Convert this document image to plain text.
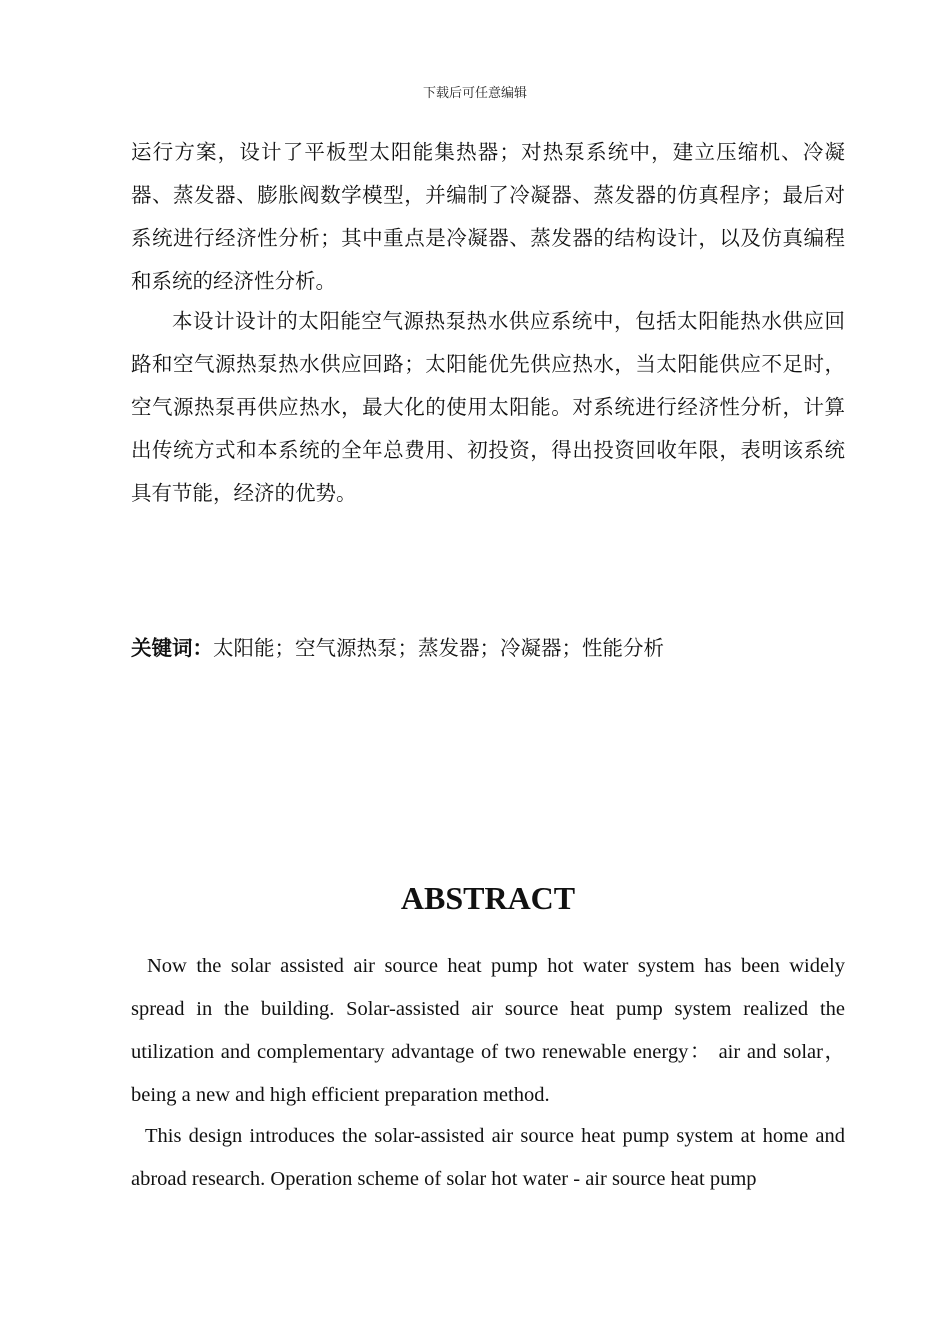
下载后可任意编辑
运行方案，设计了平板型太阳能集热器；对热泵系统中，建立压缩机、冷凝器、蒸发器、膨胀阀数学模型，并编制了冷凝器、蒸发器的仿真程序；最后对系统进行经济性分析；其中重点是冷凝器、蒸发器的结构设计，以及仿真编程和系统的经济性分析。
本设计设计的太阳能空气源热泵热水供应系统中，包括太阳能热水供应回路和空气源热泵热水供应回路；太阳能优先供应热水，当太阳能供应不足时，空气源热泵再供应热水，最大化的使用太阳能。对系统进行经济性分析，计算出传统方式和本系统的全年总费用、初投资，得出投资回收年限，表明该系统具有节能，经济的优势。
关键词：太阳能；空气源热泵；蒸发器；冷凝器；性能分析
ABSTRACT
Now the solar assisted air source heat pump hot water system has been widely spread in the building. Solar-assisted air source heat pump system realized the utilization and complementary advantage of two renewable energy： air and solar，being a new and high efficient preparation method.
This design introduces the solar-assisted air source heat pump system at home and abroad research. Operation scheme of solar hot water - air source heat pump
